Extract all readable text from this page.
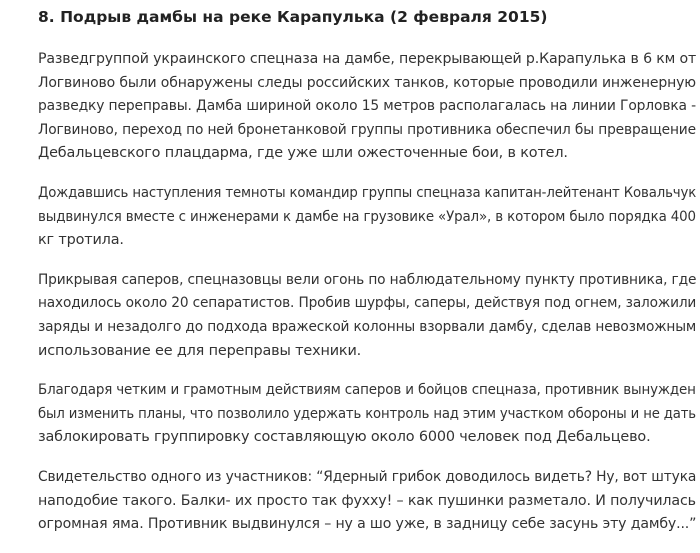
8. Подрыв дамбы на реке Карапулька (2 февраля 2015)

Разведгруппой украинского спецназа на дамбе, перекрывающей р.Карапулька в 6 км от
Логвиново были обнаружены следы российских танков, которые проводили инженерную
разведку переправы. Дамба шириной около 15 метров располагалась на линии Горловка -
Логвиново, переход по ней бронетанковой группы противника обеспечил бы превращение
Дебальцевского плацдарма, где уже шли ожесточенные бои, в котел.

Дождавшись наступления темноты командир группы спецназа капитан-лейтенант Ковальчук
выдвинулся вместе с инженерами к дамбе на грузовике «Урал», в котором было порядка 400
кг тротила.

Прикрывая саперов, спецназовцы вели огонь по наблюдательному пункту противника, где
находилось около 20 сепаратистов. Пробив шурфы, саперы, действуя под огнем, заложили
заряды и незадолго до подхода вражеской колонны взорвали дамбу, сделав невозможным
использование ее для переправы техники.

Благодаря четким и грамотным действиям саперов и бойцов спецназа, противник вынужден
был изменить планы, что позволило удержать контроль над этим участком обороны и не дать
заблокировать группировку составляющую около 6000 человек под Дебальцево.

Свидетельство одного из участников: “Ядерный грибок доводилось видеть? Ну, вот штука
наподобие такого. Балки- их просто так фухху! – как пушинки разметало. И получилась
огромная яма. Противник выдвинулся – ну а шо уже, в задницу себе засунь эту дамбу...”
